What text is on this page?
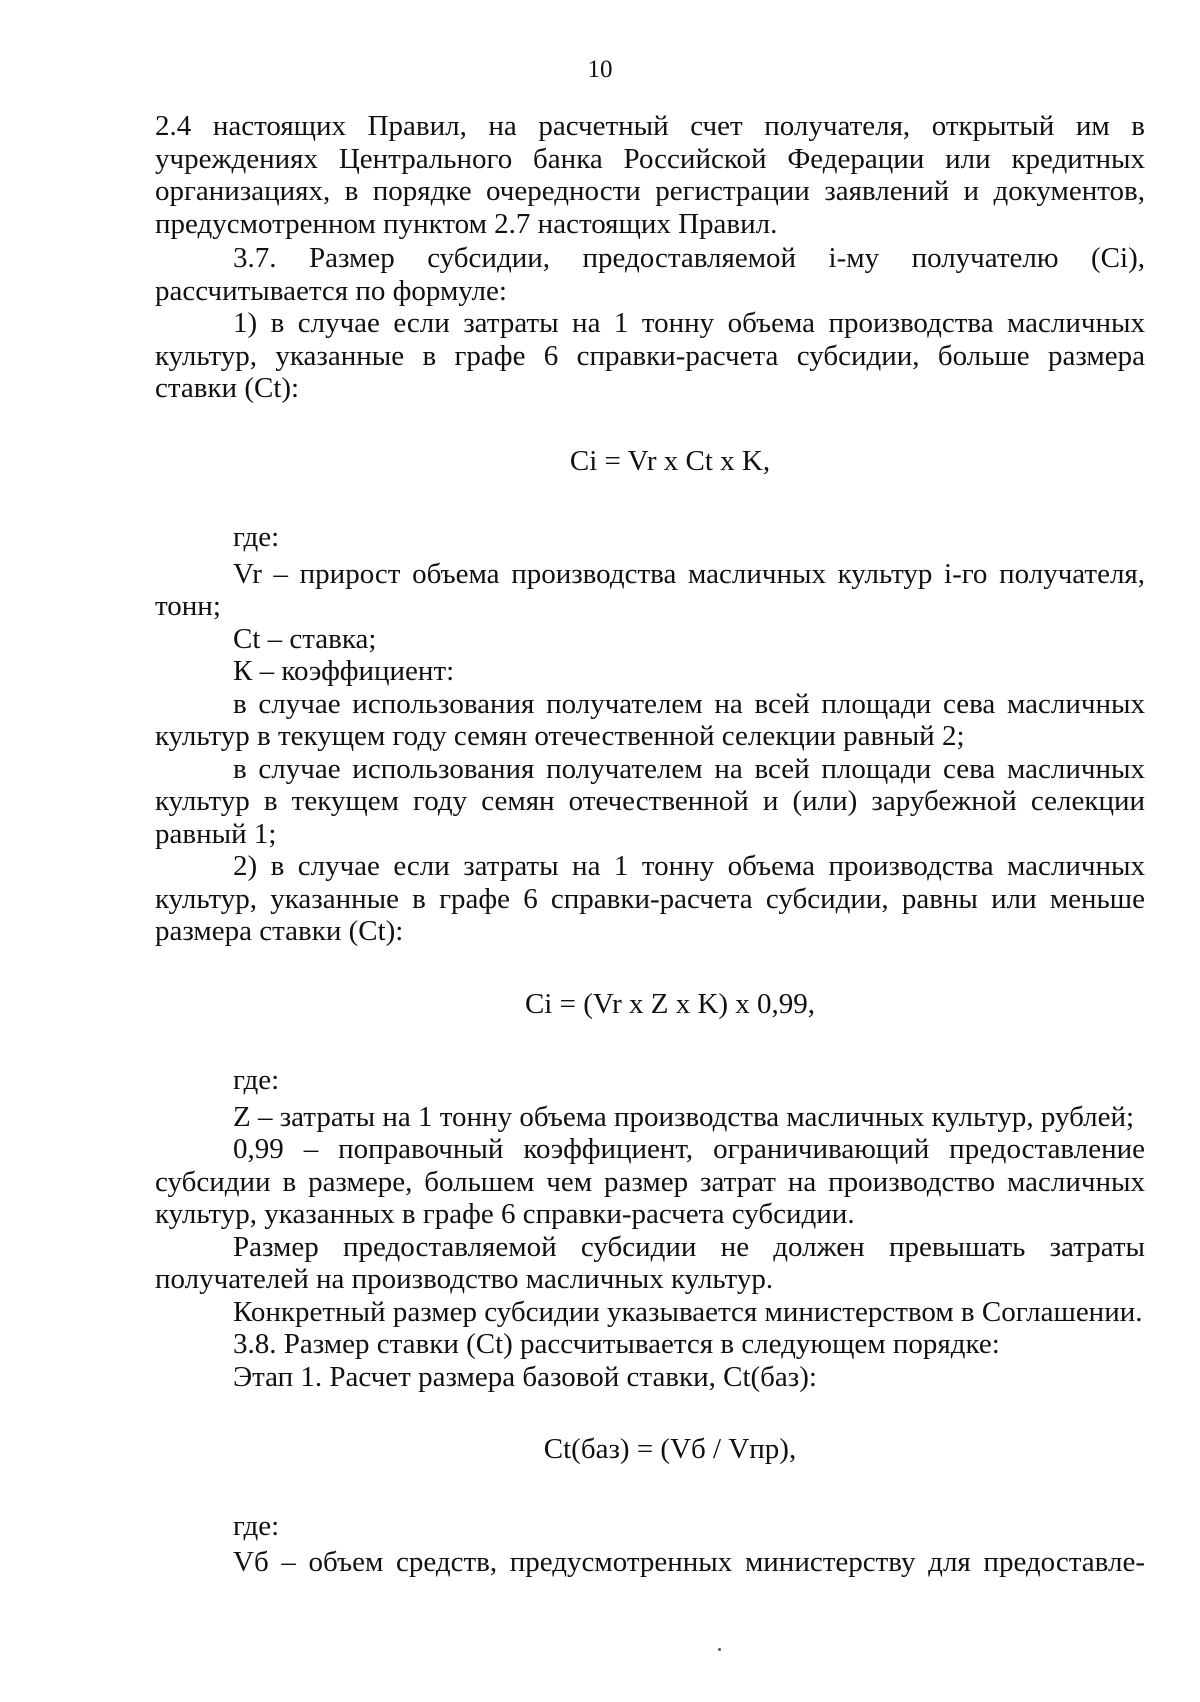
10

2.4 настоящих Правил, на расчетный счет получателя, открытый им в учреждениях Центрального банка Российской Федерации или кредитных организациях, в порядке очередности регистрации заявлений и документов, предусмотренном пунктом 2.7 настоящих Правил.

3.7. Размер субсидии, предоставляемой i-му получателю (Ci), рассчитывается по формуле:

1) в случае если затраты на 1 тонну объема производства масличных культур, указанные в графе 6 справки-расчета субсидии, больше размера ставки (Ct):

Ci = Vr x Ct x K,

где:

Vr – прирост объема производства масличных культур i-го получателя, тонн;

Ct – ставка;

К – коэффициент:

в случае использования получателем на всей площади сева масличных культур в текущем году семян отечественной селекции равный 2;

в случае использования получателем на всей площади сева масличных культур в текущем году семян отечественной и (или) зарубежной селекции равный 1;

2) в случае если затраты на 1 тонну объема производства масличных культур, указанные в графе 6 справки-расчета субсидии, равны или меньше размера ставки (Ct):

Ci = (Vr x Z x K) x 0,99,

где:

Z – затраты на 1 тонну объема производства масличных культур, рублей;

0,99 – поправочный коэффициент, ограничивающий предоставление субсидии в размере, большем чем размер затрат на производство масличных культур, указанных в графе 6 справки-расчета субсидии.

Размер предоставляемой субсидии не должен превышать затраты получателей на производство масличных культур.

Конкретный размер субсидии указывается министерством в Соглашении.

3.8. Размер ставки (Ct) рассчитывается в следующем порядке:

Этап 1. Расчет размера базовой ставки, Ct(баз):

Ct(баз) = (Vб / Vпр),

где:

Vб – объем средств, предусмотренных министерству для предоставле-
